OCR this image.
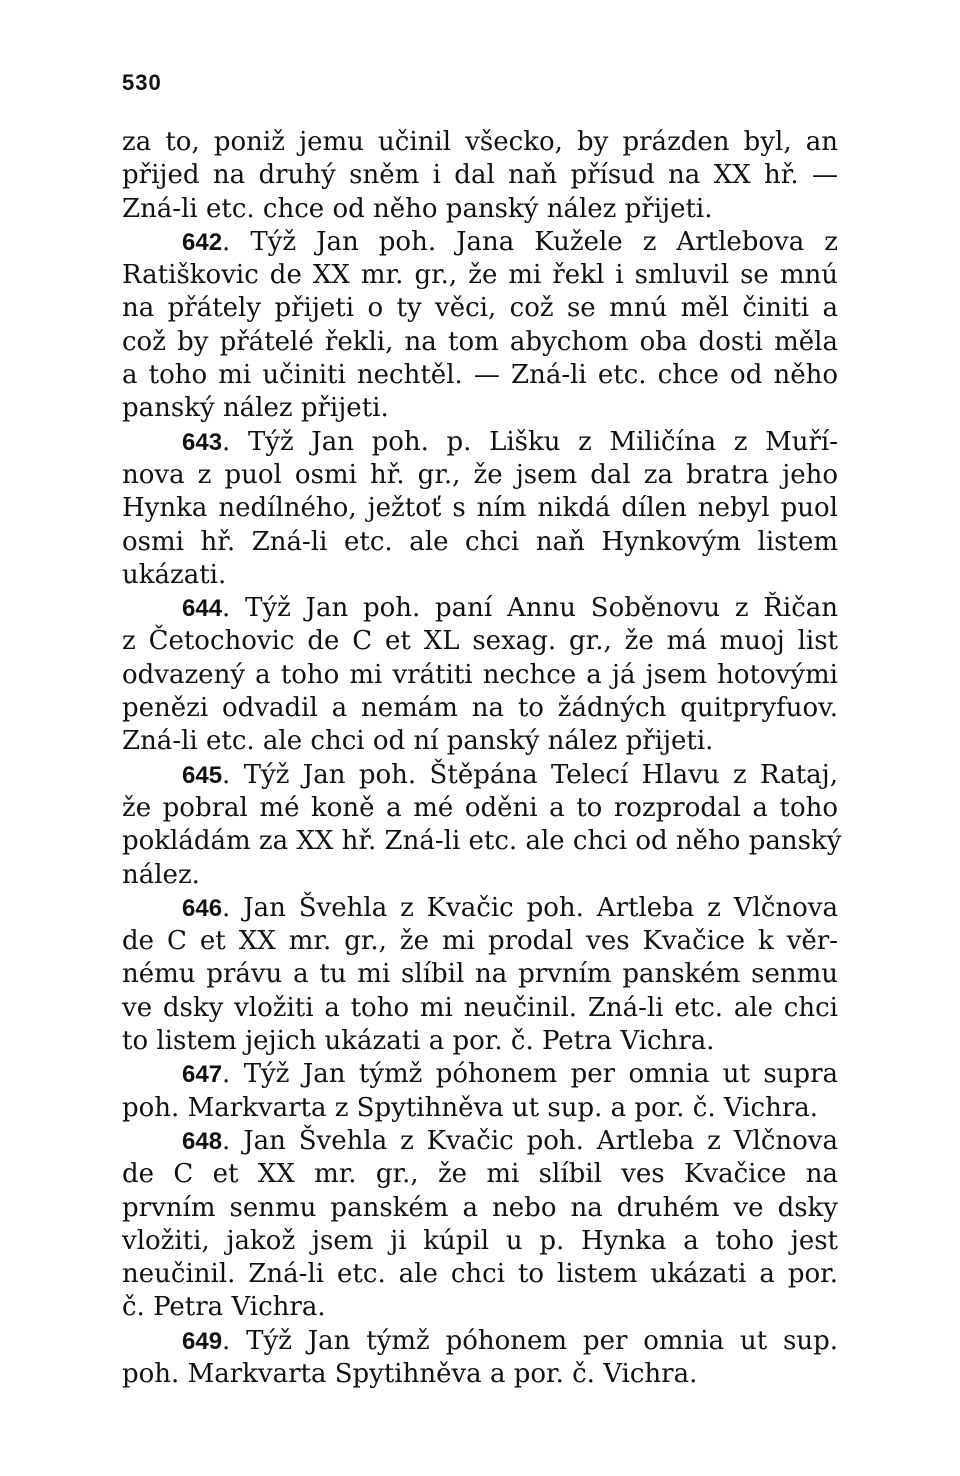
530
za to, poniž jemu učinil všecko, by prázden byl, an
přijed na druhý sněm i dal naň přísud na XX hř. —
Zná-li etc. chce od něho panský nález přijeti.
642. Týž Jan poh. Jana Kužele z Artlebova z
Ratiškovic de XX mr. gr., že mi řekl i smluvil se mnú
na přátely přijeti o ty věci, což se mnú měl činiti a
což by přátelé řekli, na tom abychom oba dosti měla
a toho mi učiniti nechtěl. — Zná-li etc. chce od něho
panský nález přijeti.
643. Týž Jan poh. p. Lišku z Miličína z Muří-
nova z puol osmi hř. gr., že jsem dal za bratra jeho
Hynka nedílného, ježtoť s ním nikdá dílen nebyl puol
osmi hř. Zná-li etc. ale chci naň Hynkovým listem
ukázati.
644. Týž Jan poh. paní Annu Soběnovu z Řičan
z Četochovic de C et XL sexag. gr., že má muoj list
odvazený a toho mi vrátiti nechce a já jsem hotovými
penězi odvadil a nemám na to žádných quitpryfuov.
Zná-li etc. ale chci od ní panský nález přijeti.
645. Týž Jan poh. Štěpána Telecí Hlavu z Rataj,
že pobral mé koně a mé oděni a to rozprodal a toho
pokládám za XX hř. Zná-li etc. ale chci od něho panský
nález.
646. Jan Švehla z Kvačic poh. Artleba z Vlčnova
de C et XX mr. gr., že mi prodal ves Kvačice k věr-
nému právu a tu mi slíbil na prvním panském senmu
ve dsky vložiti a toho mi neučinil. Zná-li etc. ale chci
to listem jejich ukázati a por. č. Petra Vichra.
647. Týž Jan týmž póhonem per omnia ut supra
poh. Markvarta z Spytihněva ut sup. a por. č. Vichra.
648. Jan Švehla z Kvačic poh. Artleba z Vlčnova
de C et XX mr. gr., že mi slíbil ves Kvačice na
prvním senmu panském a nebo na druhém ve dsky
vložiti, jakož jsem ji kúpil u p. Hynka a toho jest
neučinil. Zná-li etc. ale chci to listem ukázati a por.
č. Petra Vichra.
649. Týž Jan týmž póhonem per omnia ut sup.
poh. Markvarta Spytihněva a por. č. Vichra.
